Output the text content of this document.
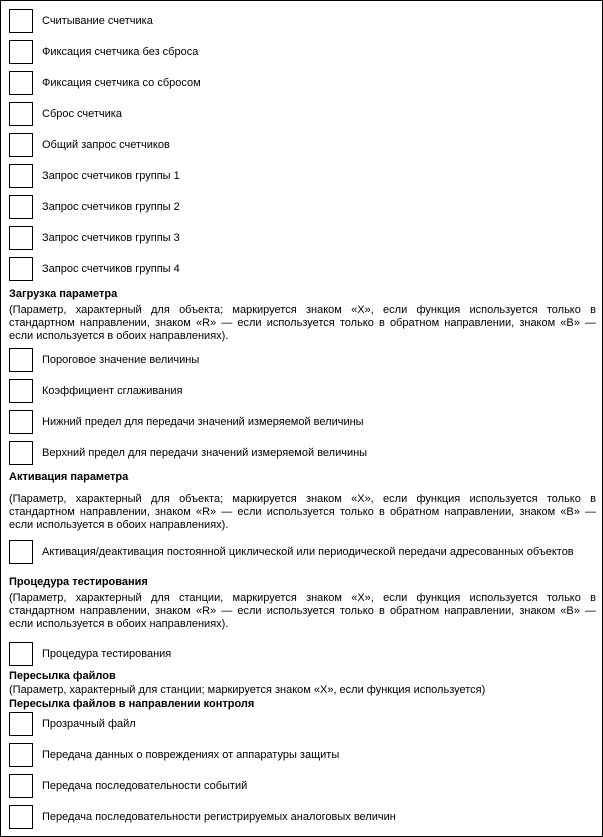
Считывание счетчика
Фиксация счетчика без сброса
Фиксация счетчика со сбросом
Сброс счетчика
Общий запрос счетчиков
Запрос счетчиков группы 1
Запрос счетчиков группы 2
Запрос счетчиков группы 3
Запрос счетчиков группы 4
Загрузка параметра
(Параметр, характерный для объекта; маркируется знаком «X», если функция используется только в стандартном направлении, знаком «R» — если используется только в обратном направлении, знаком «B» — если используется в обоих направлениях).
Пороговое значение величины
Коэффициент сглаживания
Нижний предел для передачи значений измеряемой величины
Верхний предел для передачи значений измеряемой величины
Активация параметра
(Параметр, характерный для объекта; маркируется знаком «X», если функция используется только в стандартном направлении, знаком «R» — если используется только в обратном направлении, знаком «B» — если используется в обоих направлениях).
Активация/деактивация постоянной циклической или периодической передачи адресованных объектов
Процедура тестирования
(Параметр, характерный для станции, маркируется знаком «X», если функция используется только в стандартном направлении, знаком «R» — если используется только в обратном направлении, знаком «B» — если используется в обоих направлениях).
Процедура тестирования
Пересылка файлов
(Параметр, характерный для станции; маркируется знаком «X», если функция используется)
Пересылка файлов в направлении контроля
Прозрачный файл
Передача данных о повреждениях от аппаратуры защиты
Передача последовательности событий
Передача последовательности регистрируемых аналоговых величин
